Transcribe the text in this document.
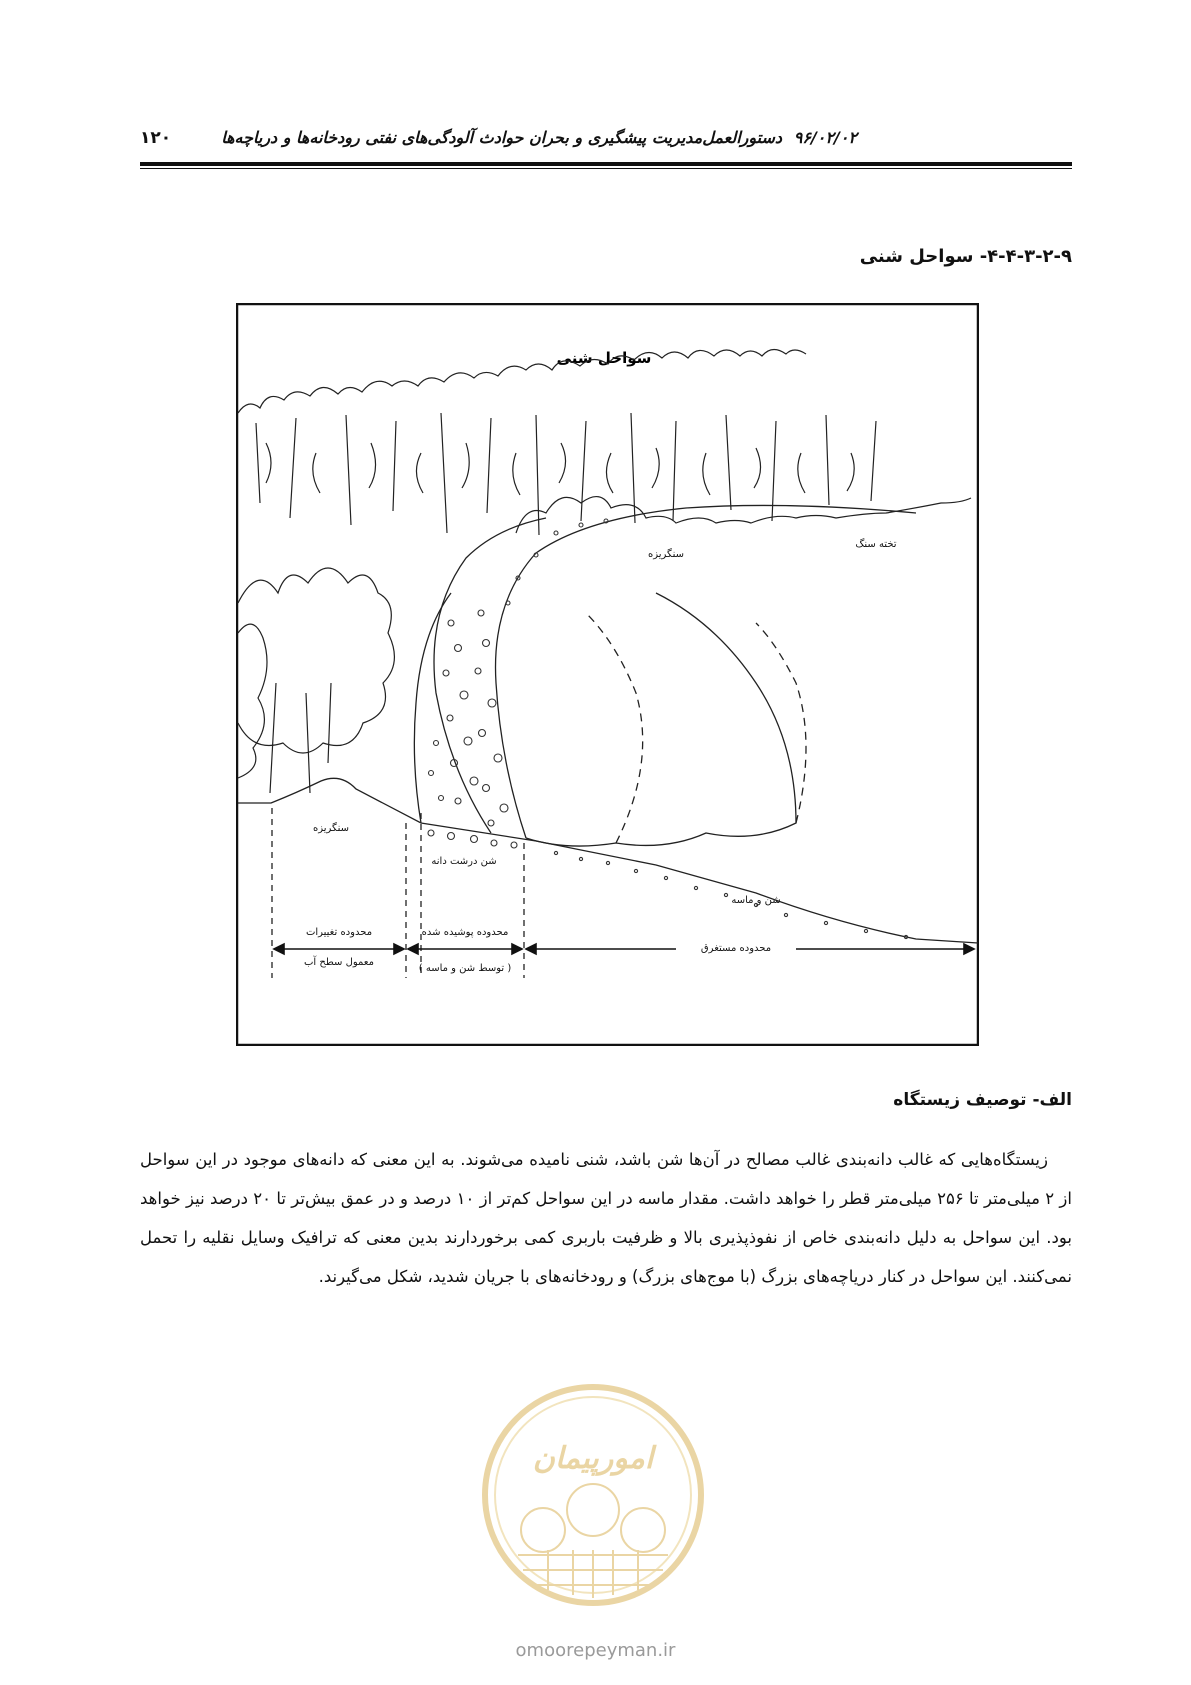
دستورالعمل‌مدیریت پیشگیری و بحران حوادث آلودگی‌های نفتی رودخانه‌ها و دریاچه‌ها ۹۶/۰۲/۰۲
۱۲۰
۴-۴-۳-۲-۹- سواحل شنی
سواحل شنی
تخته سنگ
سنگریزه
سنگریزه
شن درشت دانه
شن و ماسه
محدوده تغییرات
معمول سطح آب
محدوده پوشیده شده
( توسط شن و ماسه )
محدوده مستغرق
الف- توصیف زیستگاه

زیستگاه‌هایی که غالب دانه‌بندی غالب مصالح در آن‌ها شن باشد، شنی نامیده می‌شوند. به این معنی که دانه‌های موجود در این سواحل از ۲ میلی‌متر تا ۲۵۶ میلی‌متر قطر را خواهد داشت. مقدار ماسه در این سواحل کم‌تر از ۱۰ درصد و در عمق بیش‌تر تا ۲۰ درصد نیز خواهد بود. این سواحل به دلیل دانه‌بندی خاص از نفوذپذیری بالا و ظرفیت باربری کمی برخوردارند بدین معنی که ترافیک وسایل نقلیه را تحمل نمی‌کنند. این سواحل در کنار دریاچه‌های بزرگ (با موج‌های بزرگ) و رودخانه‌های با جریان شدید، شکل می‌گیرند.

امورپیمان
omoorepeyman.ir
